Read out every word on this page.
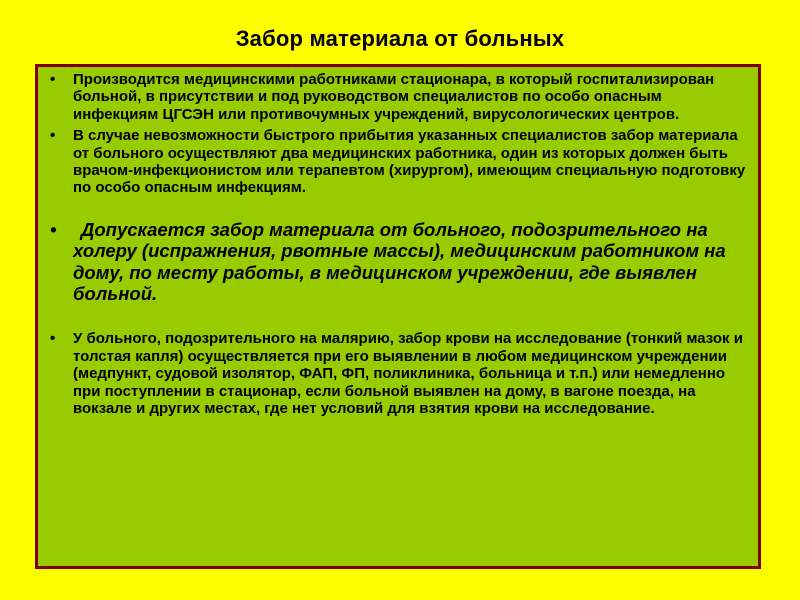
Забор материала от больных
• Производится медицинскими работниками стационара, в который госпитализирован больной, в присутствии и под руководством специалистов по особо опасным инфекциям ЦГСЭН или противочумных учреждений, вирусологических центров.
• В случае невозможности быстрого прибытия указанных специалистов забор материала от больного осуществляют два медицинских работника, один из которых должен быть врачом-инфекционистом или терапевтом (хирургом), имеющим специальную подготовку по особо опасным инфекциям.
• Допускается забор материала от больного, подозрительного на холеру (испражнения, рвотные массы), медицинским работником на дому, по месту работы, в медицинском учреждении, где выявлен больной.
• У больного, подозрительного на малярию, забор крови на исследование (тонкий мазок и толстая капля) осуществляется при его выявлении в любом медицинском учреждении (медпункт, судовой изолятор, ФАП, ФП, поликлиника, больница и т.п.) или немедленно при поступлении в стационар, если больной выявлен на дому, в вагоне поезда, на вокзале и других местах, где нет условий для взятия крови на исследование.
